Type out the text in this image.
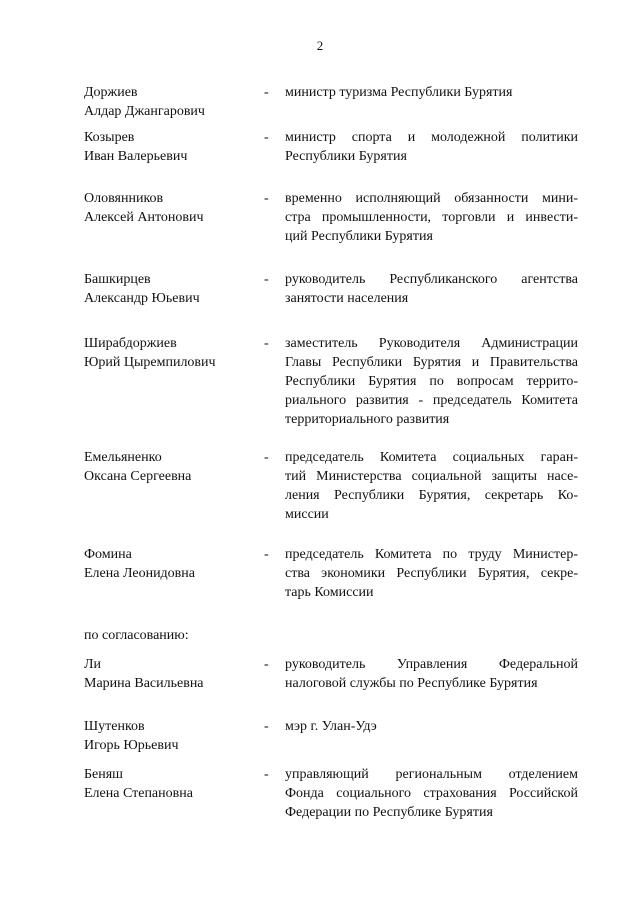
2
Доржиев
Алдар Джангарович
- министр туризма Республики Бурятия
Козырев
Иван Валерьевич
- министр спорта и молодежной политики
Республики Бурятия
Оловянников
Алексей Антонович
- временно исполняющий обязанности мини-
стра промышленности, торговли и инвести-
ций Республики Бурятия
Башкирцев
Александр Юьевич
- руководитель Республиканского агентства
занятости населения
Ширабдоржиев
Юрий Цыремпилович
- заместитель Руководителя Администрации
Главы Республики Бурятия и Правительства
Республики Бурятия по вопросам террито-
риального развития - председатель Комитета
территориального развития
Емельяненко
Оксана Сергеевна
- председатель Комитета социальных гаран-
тий Министерства социальной защиты насе-
ления Республики Бурятия, секретарь Ко-
миссии
Фомина
Елена Леонидовна
- председатель Комитета по труду Министер-
ства экономики Республики Бурятия, секре-
тарь Комиссии
по согласованию:
Ли
Марина Васильевна
- руководитель Управления Федеральной
налоговой службы по Республике Бурятия
Шутенков
Игорь Юрьевич
- мэр г. Улан-Удэ
Беняш
Елена Степановна
- управляющий региональным отделением
Фонда социального страхования Российской
Федерации по Республике Бурятия
